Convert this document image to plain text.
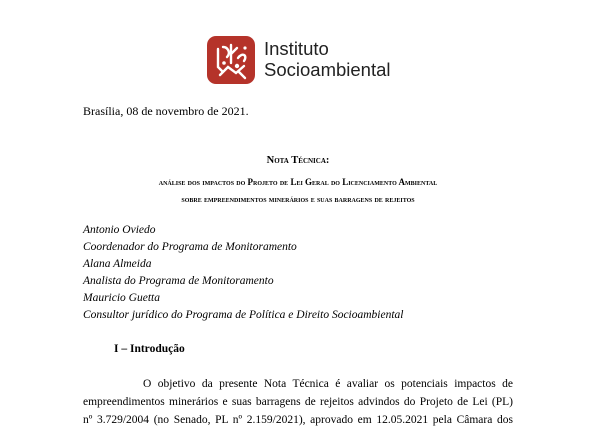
Instituto
Socioambiental
Brasília, 08 de novembro de 2021.
Nota Técnica:
análise dos impactos do Projeto de Lei Geral do Licenciamento Ambiental
sobre empreendimentos minerários e suas barragens de rejeitos
Antonio Oviedo
Coordenador do Programa de Monitoramento
Alana Almeida
Analista do Programa de Monitoramento
Mauricio Guetta
Consultor jurídico do Programa de Política e Direito Socioambiental
I – Introdução
O objetivo da presente Nota Técnica é avaliar os potenciais impactos de
empreendimentos minerários e suas barragens de rejeitos advindos do Projeto de Lei (PL)
nº 3.729/2004 (no Senado, PL nº 2.159/2021), aprovado em 12.05.2021 pela Câmara dos
